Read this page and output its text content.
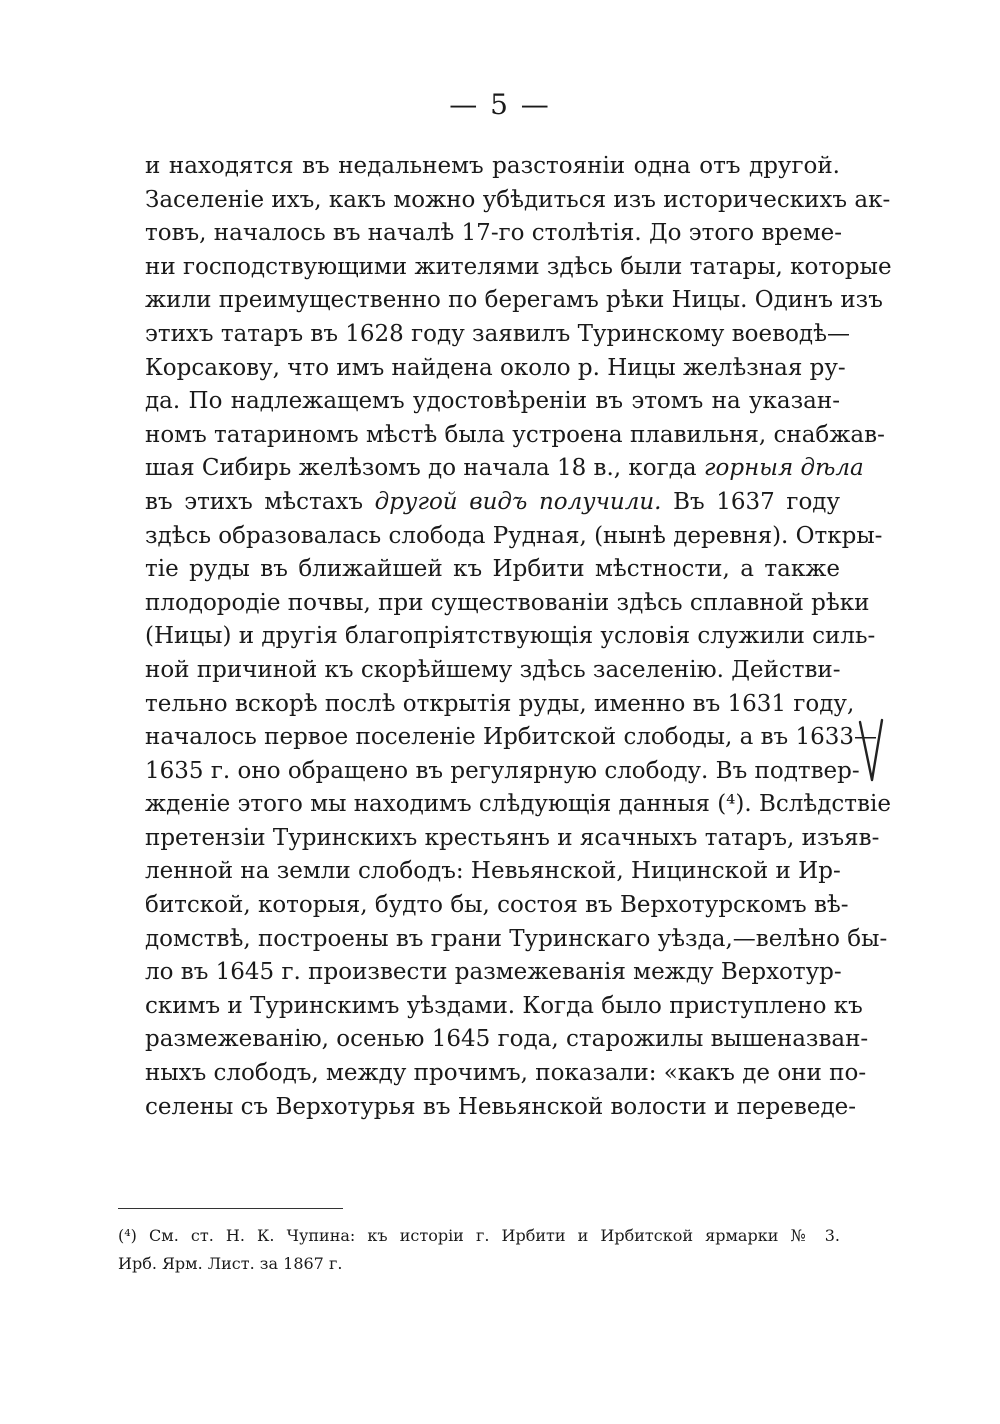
— 5 —
и находятся въ недальнемъ разстояніи одна отъ другой.
Заселеніе ихъ, какъ можно убѣдиться изъ историческихъ ак-
товъ, началось въ началѣ 17-го столѣтія. До этого време-
ни господствующими жителями здѣсь были татары, которые
жили преимущественно по берегамъ рѣки Ницы. Одинъ изъ
этихъ татаръ въ 1628 году заявилъ Туринскому воеводѣ—
Корсакову, что имъ найдена около р. Ницы желѣзная ру-
да. По надлежащемъ удостовѣреніи въ этомъ на указан-
номъ татариномъ мѣстѣ была устроена плавильня, снабжав-
шая Сибирь желѣзомъ до начала 18 в., когда горныя дѣла
въ этихъ мѣстахъ другой видъ получили. Въ 1637 году
здѣсь образовалась слобода Рудная, (нынѣ деревня). Откры-
тіе руды въ ближайшей къ Ирбити мѣстности, а также
плодородіе почвы, при существованіи здѣсь сплавной рѣки
(Ницы) и другія благопріятствующія условія служили силь-
ной причиной къ скорѣйшему здѣсь заселенію. Действи-
тельно вскорѣ послѣ открытія руды, именно въ 1631 году,
началось первое поселеніе Ирбитской слободы, а въ 1633—
1635 г. оно обращено въ регулярную слободу. Въ подтвер-
жденіе этого мы находимъ слѣдующія данныя (⁴). Вслѣдствіе
претензіи Туринскихъ крестьянъ и ясачныхъ татаръ, изъяв-
ленной на земли слободъ: Невьянской, Ницинской и Ир-
битской, которыя, будто бы, состоя въ Верхотурскомъ вѣ-
домствѣ, построены въ грани Туринскаго уѣзда,—велѣно бы-
ло въ 1645 г. произвести размежеванія между Верхотур-
скимъ и Туринскимъ уѣздами. Когда было приступлено къ
размежеванію, осенью 1645 года, старожилы вышеназван-
ныхъ слободъ, между прочимъ, показали: «какъ де они по-
селены съ Верхотурья въ Невьянской волости и переведе-
(⁴) См. ст. Н. К. Чупина: къ исторіи г. Ирбити и Ирбитской ярмарки № 3.
Ирб. Ярм. Лист. за 1867 г.
